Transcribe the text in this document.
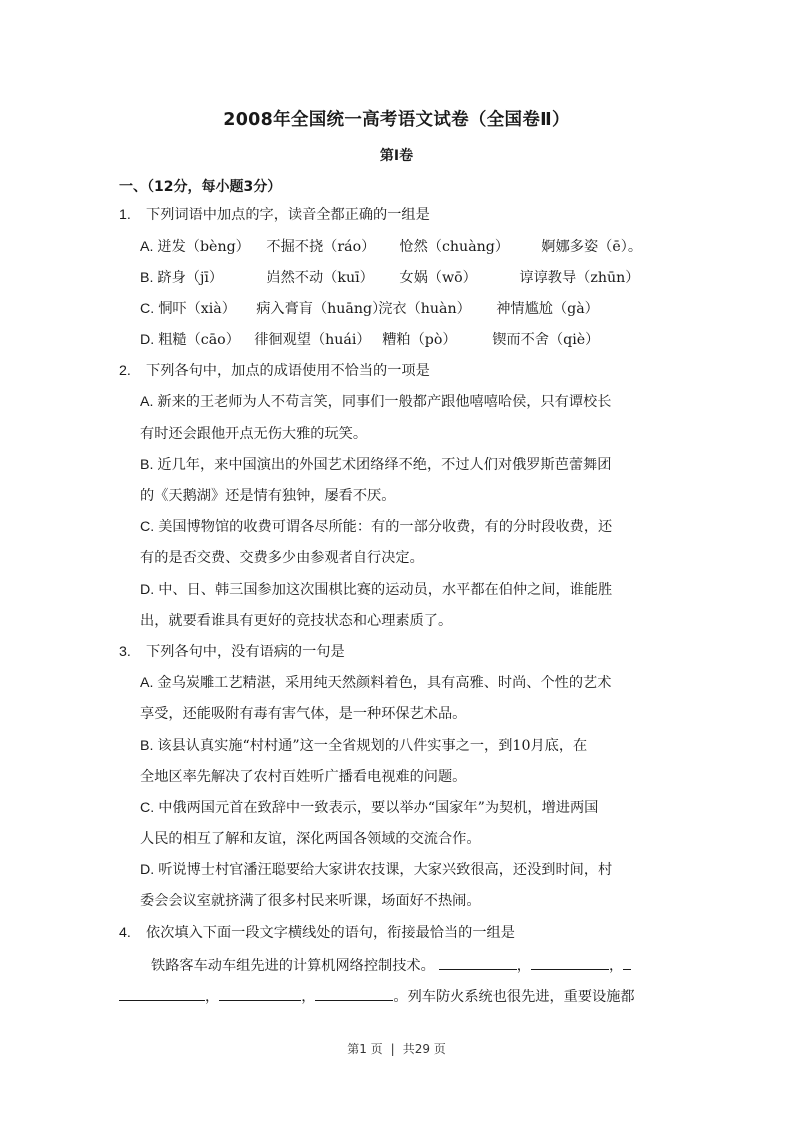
2008年全国统一高考语文试卷（全国卷Ⅱ）
第Ⅰ卷
一、（12分，每小题3分）
1. 下列词语中加点的字，读音全都正确的一组是
A. 迸发（bèng） 不掘不挠（ráo） 怆然（chuàng） 婀娜多姿（ē）。
B. 跻身（jī）	岿然不动（kuī） 女娲（wō）	谆谆教导（zhūn）
C. 恫吓（xià） 病入膏肓（huāng）浣衣（huàn） 神情尴尬（gà）
D. 粗糙（cāo） 徘徊观望（huái） 糟粕（pò）	锲而不舍（qiè）
2. 下列各句中，加点的成语使用不恰当的一项是
A. 新来的王老师为人不苟言笑，同事们一般都产跟他嘻嘻哈侯，只有谭校长
有时还会跟他开点无伤大雅的玩笑。
B. 近几年，来中国演出的外国艺术团络绎不绝，不过人们对俄罗斯芭蕾舞团
的《天鹅湖》还是情有独钟，屡看不厌。
C. 美国博物馆的收费可谓各尽所能：有的一部分收费，有的分时段收费，还
有的是否交费、交费多少由参观者自行决定。
D. 中、日、韩三国参加这次围棋比赛的运动员，水平都在伯仲之间，谁能胜
出，就要看谁具有更好的竞技状态和心理素质了。
3. 下列各句中，没有语病的一句是
A. 金乌炭雕工艺精湛，采用纯天然颜料着色，具有高雅、时尚、个性的艺术
享受，还能吸附有毒有害气体，是一种环保艺术品。
B. 该县认真实施“村村通”这一全省规划的八件实事之一，到10月底，在
全地区率先解决了农村百姓听广播看电视难的问题。
C. 中俄两国元首在致辞中一致表示，要以举办“国家年”为契机，增进两国
人民的相互了解和友谊，深化两国各领域的交流合作。
D. 听说博士村官潘汪聪要给大家讲农技课，大家兴致很高，还没到时间，村
委会会议室就挤满了很多村民来听课，场面好不热闹。
4. 依次填入下面一段文字横线处的语句，衔接最恰当的一组是
铁路客车动车组先进的计算机网络控制技术。	，	，
，	，	。列车防火系统也很先进，重要设施都
第1 页 | 共29 页
